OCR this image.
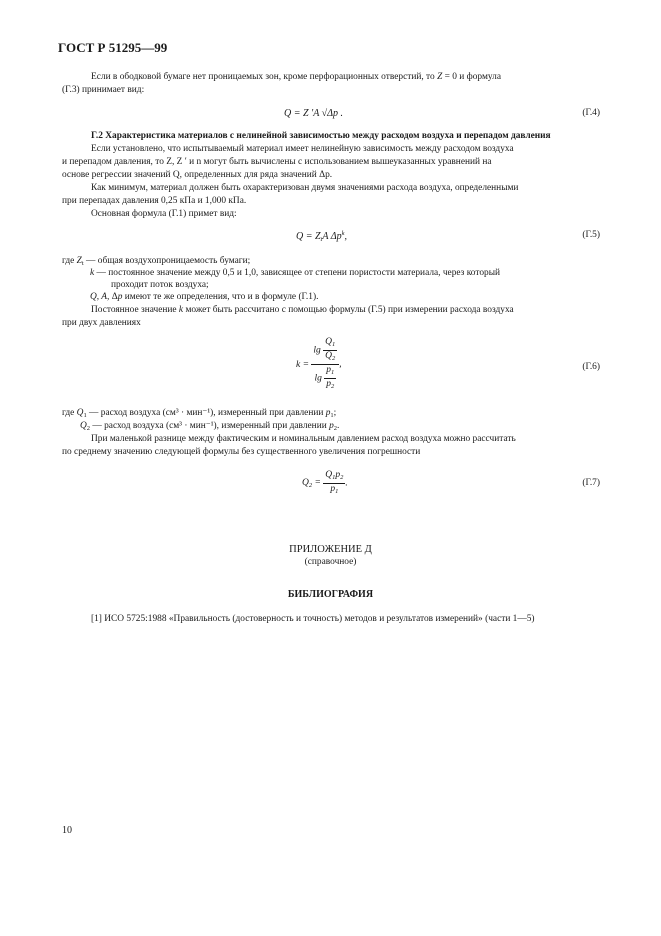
ГОСТ Р 51295—99
Если в ободковой бумаге нет проницаемых зон, кроме перфорационных отверстий, то Z = 0 и формула
(Г.3) принимает вид:
Q = Z ′A √Δp .	(Г.4)
Г.2 Характеристика материалов с нелинейной зависимостью между расходом воздуха и перепадом давления
Если установлено, что испытываемый материал имеет нелинейную зависимость между расходом воздуха
и перепадом давления, то Z, Z ′ и n могут быть вычислены с использованием вышеуказанных уравнений на
основе регрессии значений Q, определенных для ряда значений Δp.
Как минимум, материал должен быть охарактеризован двумя значениями расхода воздуха, определенными
при перепадах давления 0,25 кПа и 1,000 кПа.
Основная формула (Г.1) примет вид:
$Q = Z_tA$ $\Delta p^k$,	(Г.5)
где $Z_t$ — общая воздухопроницаемость бумаги;
k — постоянное значение между 0,5 и 1,0, зависящее от степени пористости материала, через который
проходит поток воздуха;
Q, A, Δp имеют те же определения, что и в формуле (Г.1).
Постоянное значение k может быть рассчитано с помощью формулы (Г.5) при измерении расхода воздуха
при двух давлениях
$k = \frac{\lg \frac{Q_1}{Q_2}}{\lg \frac{p_1}{p_2}}$ ,	(Г.6)
где $Q_1$ — расход воздуха (см³ · мин⁻¹), измеренный при давлении $p_1$;
$Q_2$ — расход воздуха (см³ · мин⁻¹), измеренный при давлении $p_2$.
При маленькой разнице между фактическим и номинальным давлением расход воздуха можно рассчитать
по среднему значению следующей формулы без существенного увеличения погрешности
$Q_2 = \frac{Q_1p_2}{p_1}$ .	(Г.7)
ПРИЛОЖЕНИЕ Д
(справочное)
БИБЛИОГРАФИЯ
[1] ИСО 5725:1988 «Правильность (достоверность и точность) методов и результатов измерений» (части 1—5)
10
